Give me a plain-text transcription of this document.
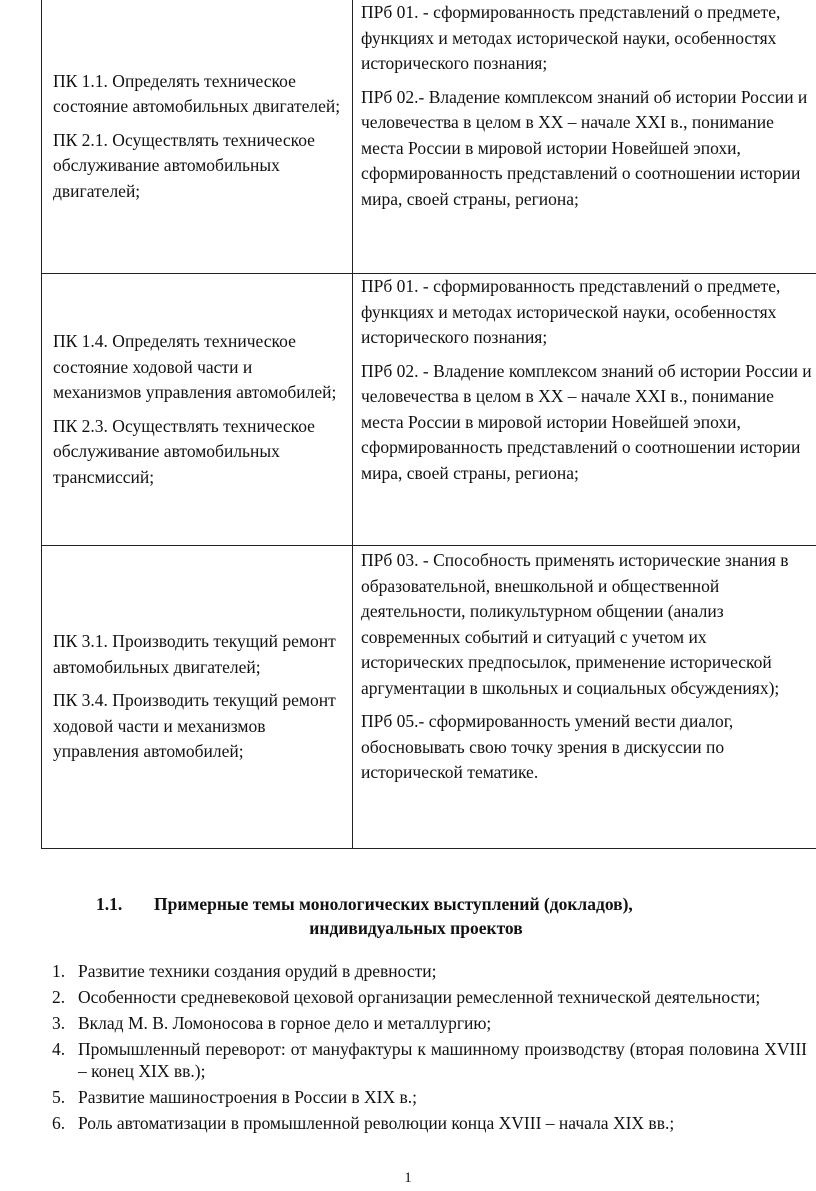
ПК 1.1. Определять техническое состояние автомобильных двигателей;

ПК 2.1. Осуществлять техническое обслуживание автомобильных двигателей;

ПРб 01. - сформированность представлений о предмете, функциях и методах исторической науки, особенностях исторического познания;

ПРб 02.- Владение комплексом знаний об истории России и человечества в целом в XX – начале XXI в., понимание места России в мировой истории Новейшей эпохи, сформированность представлений о соотношении истории мира, своей страны, региона;

ПК 1.4. Определять техническое состояние ходовой части и механизмов управления автомобилей;

ПК 2.3. Осуществлять техническое обслуживание автомобильных трансмиссий;

ПРб 01. - сформированность представлений о предмете, функциях и методах исторической науки, особенностях исторического познания;

ПРб 02. - Владение комплексом знаний об истории России и человечества в целом в XX – начале XXI в., понимание места России в мировой истории Новейшей эпохи, сформированность представлений о соотношении истории мира, своей страны, региона;

ПК 3.1. Производить текущий ремонт автомобильных двигателей;

ПК 3.4. Производить текущий ремонт ходовой части и механизмов управления автомобилей;

ПРб 03. - Способность применять исторические знания в образовательной, внешкольной и общественной деятельности, поликультурном общении (анализ современных событий и ситуаций с учетом их исторических предпосылок, применение исторической аргументации в школьных и социальных обсуждениях);

ПРб 05.- сформированность умений вести диалог, обосновывать свою точку зрения в дискуссии по исторической тематике.

1.1.	Примерные темы монологических выступлений (докладов),
индивидуальных проектов
1. Развитие техники создания орудий в древности;
2. Особенности средневековой цеховой организации ремесленной технической деятельности;
3. Вклад М. В. Ломоносова в горное дело и металлургию;
4. Промышленный переворот: от мануфактуры к машинному производству (вторая половина XVIII – конец XIX вв.);
5. Развитие машиностроения в России в XIX в.;
6. Роль автоматизации в промышленной революции конца XVIII – начала XIX вв.;
1
